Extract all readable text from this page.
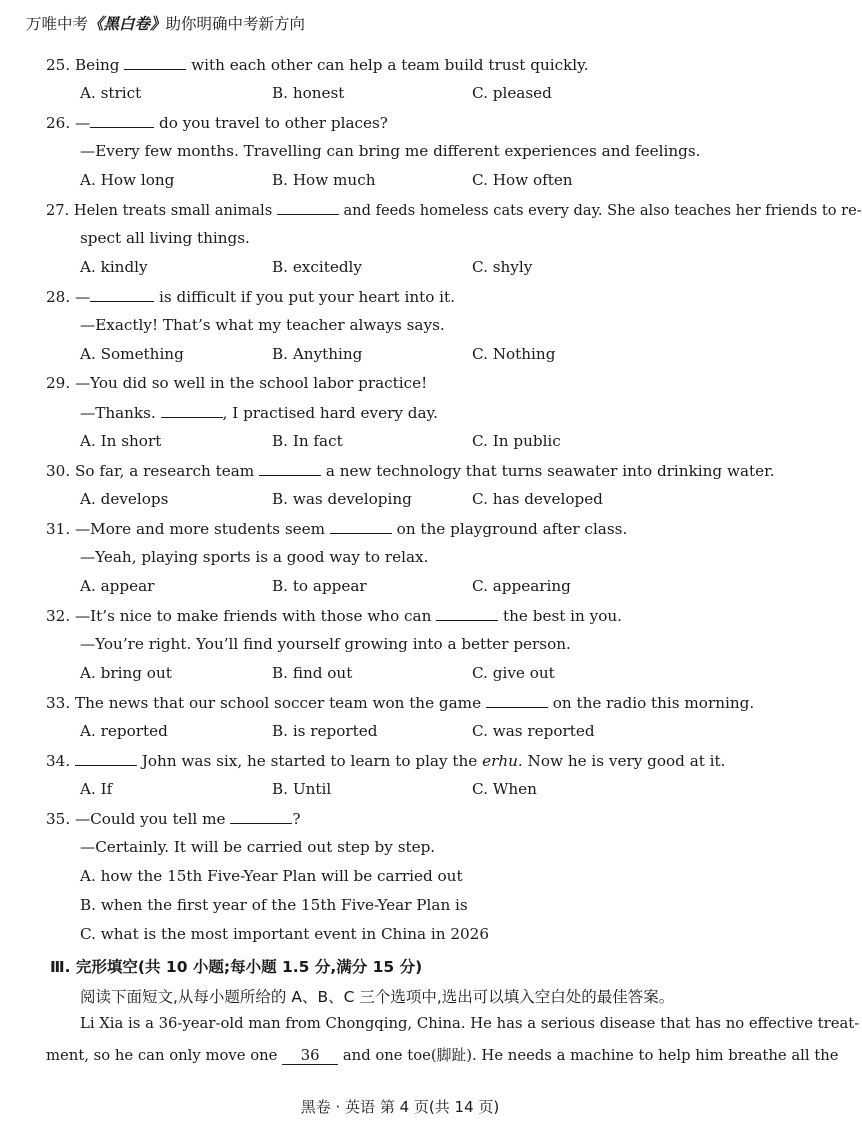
万唯中考《黑白卷》助你明确中考新方向
25. Being	with each other can help a team build trust quickly.
A. strict	B. honest	C. pleased
26. —	do you travel to other places?
—Every few months. Travelling can bring me different experiences and feelings.
A. How long	B. How much	C. How often
27. Helen treats small animals	and feeds homeless cats every day. She also teaches her friends to re-
spect all living things.
A. kindly	B. excitedly	C. shyly
28. —	is difficult if you put your heart into it.
—Exactly! That’s what my teacher always says.
A. Something	B. Anything	C. Nothing
29. —You did so well in the school labor practice!
—Thanks.	, I practised hard every day.
A. In short	B. In fact	C. In public
30. So far, a research team	a new technology that turns seawater into drinking water.
A. develops	B. was developing	C. has developed
31. —More and more students seem	on the playground after class.
—Yeah, playing sports is a good way to relax.
A. appear	B. to appear	C. appearing
32. —It’s nice to make friends with those who can	the best in you.
—You’re right. You’ll find yourself growing into a better person.
A. bring out	B. find out	C. give out
33. The news that our school soccer team won the game	on the radio this morning.
A. reported	B. is reported	C. was reported
34.	John was six, he started to learn to play the erhu. Now he is very good at it.
A. If	B. Until	C. When
35. —Could you tell me	?
—Certainly. It will be carried out step by step.
A. how the 15th Five-Year Plan will be carried out
B. when the first year of the 15th Five-Year Plan is
C. what is the most important event in China in 2026
Ⅲ. 完形填空(共 10 小题;每小题 1.5 分,满分 15 分)
阅读下面短文,从每小题所给的 A、B、C 三个选项中,选出可以填入空白处的最佳答案。
Li Xia is a 36-year-old man from Chongqing, China. He has a serious disease that has no effective treat-
ment, so he can only move one 36 and one toe(脚趾). He needs a machine to help him breathe all the
黑卷 · 英语 第 4 页(共 14 页)
